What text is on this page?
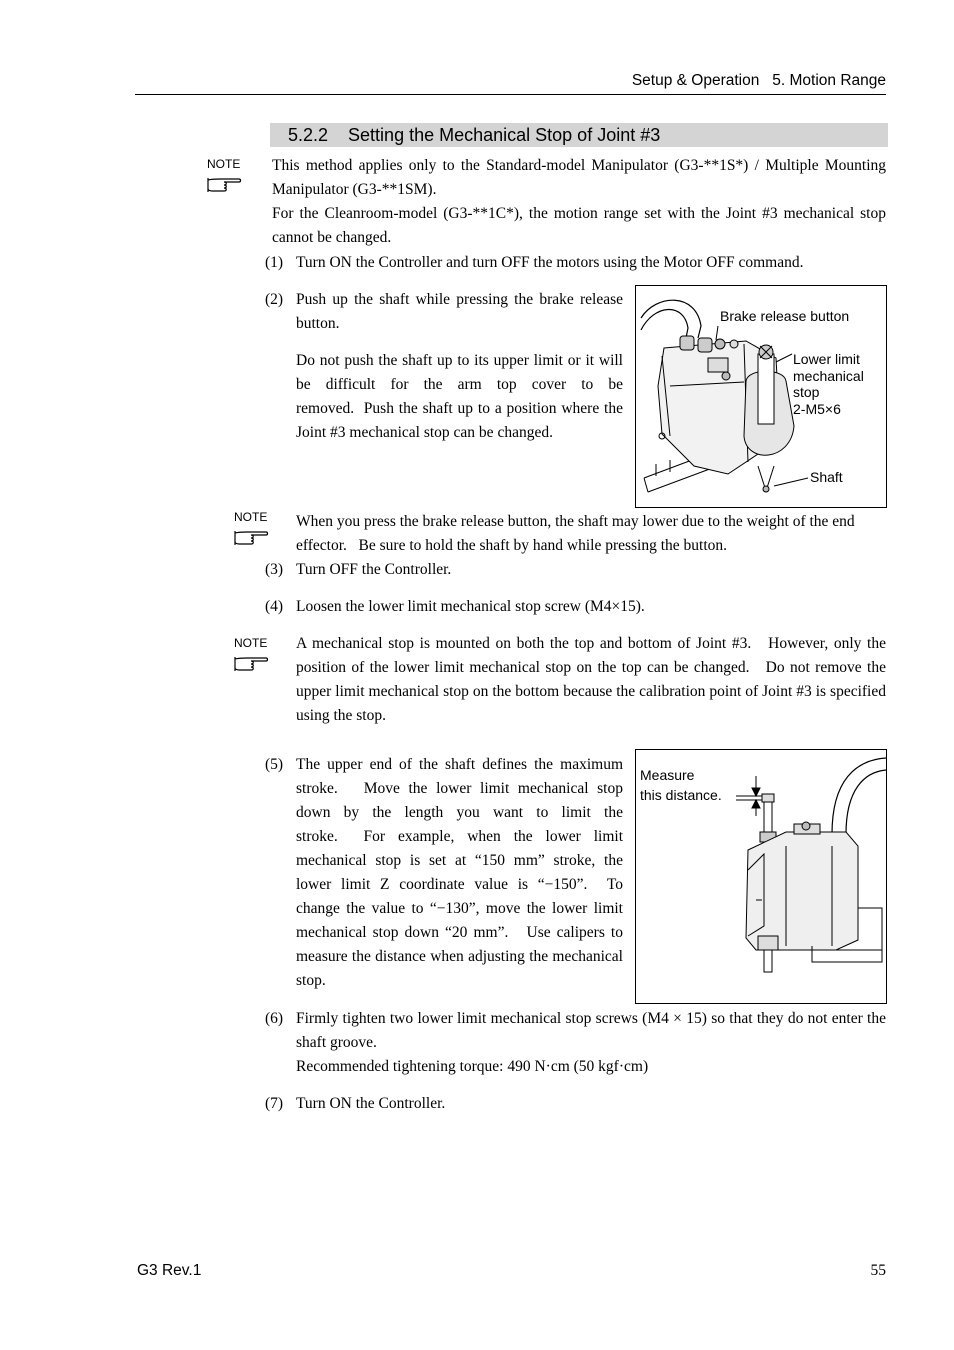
Setup & Operation   5. Motion Range
5.2.2    Setting the Mechanical Stop of Joint #3
NOTE This method applies only to the Standard-model Manipulator (G3-**1S*) / Multiple Mounting Manipulator (G3-**1SM).
For the Cleanroom-model (G3-**1C*), the motion range set with the Joint #3 mechanical stop cannot be changed.
(1) Turn ON the Controller and turn OFF the motors using the Motor OFF command.
(2) Push up the shaft while pressing the brake release button.
Do not push the shaft up to its upper limit or it will be difficult for the arm top cover to be removed.  Push the shaft up to a position where the Joint #3 mechanical stop can be changed.
Brake release button
Lower limit
mechanical
stop
2-M5×6
Shaft
NOTE When you press the brake release button, the shaft may lower due to the weight of the end effector.   Be sure to hold the shaft by hand while pressing the button.
(3) Turn OFF the Controller.
(4) Loosen the lower limit mechanical stop screw (M4×15).
NOTE A mechanical stop is mounted on both the top and bottom of Joint #3.   However, only the position of the lower limit mechanical stop on the top can be changed.   Do not remove the upper limit mechanical stop on the bottom because the calibration point of Joint #3 is specified using the stop.
(5) The upper end of the shaft defines the maximum stroke.   Move the lower limit mechanical stop down by the length you want to limit the stroke.  For example, when the lower limit mechanical stop is set at “150 mm” stroke, the lower limit Z coordinate value is “−150”.  To change the value to “−130”, move the lower limit mechanical stop down “20 mm”.   Use calipers to measure the distance when adjusting the mechanical stop.
Measure
this distance.
(6) Firmly tighten two lower limit mechanical stop screws (M4 × 15) so that they do not enter the shaft groove.
Recommended tightening torque: 490 N·cm (50 kgf·cm)
(7) Turn ON the Controller.
G3 Rev.1	55
